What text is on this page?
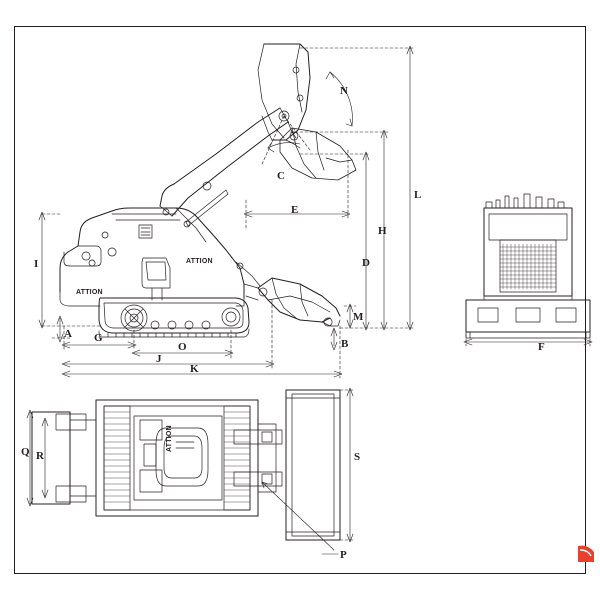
A
B
C
D
E
F
G
H
I
J
K
L
M
N
O
P
Q R	S
ATTION
ATTION
ATTION
